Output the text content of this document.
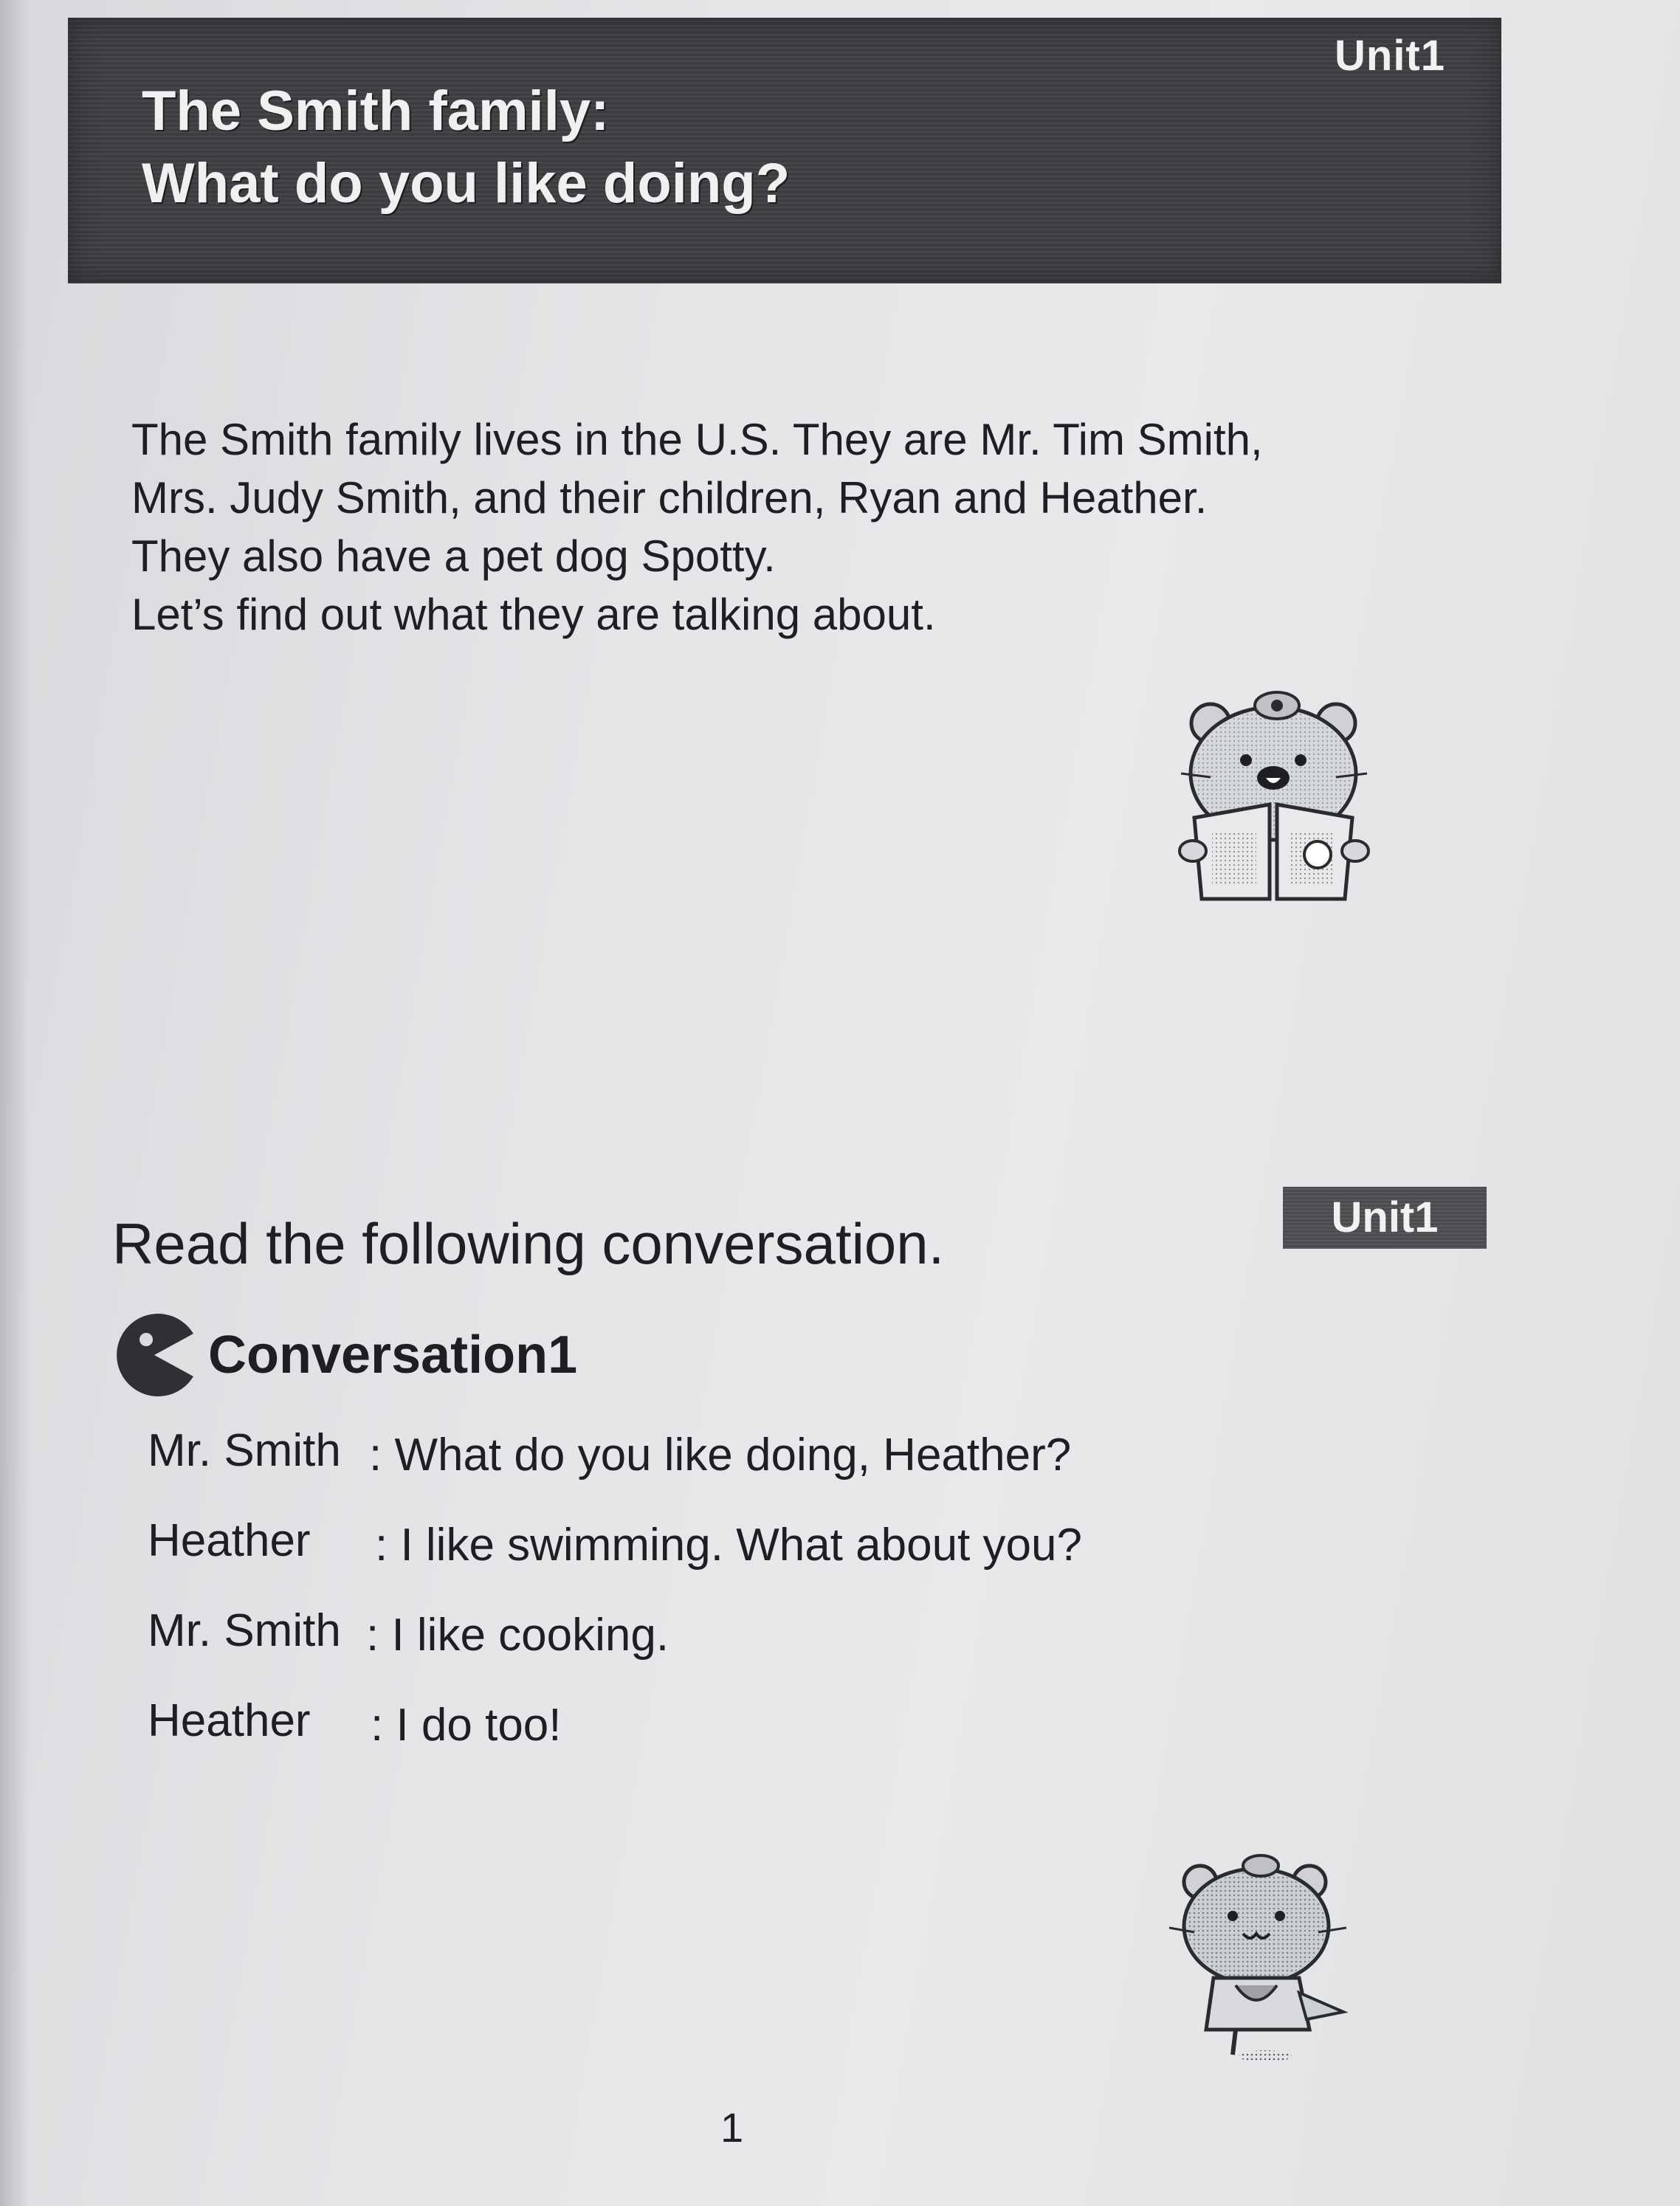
Unit1
The Smith family:
What do you like doing?
The Smith family lives in the U.S. They are Mr. Tim Smith,
Mrs. Judy Smith, and their children, Ryan and Heather.
They also have a pet dog Spotty.
Let’s find out what they are talking about.
Unit1
Read the following conversation.
Conversation1
Mr. Smith : What do you like doing, Heather?
Heather : I like swimming. What about you?
Mr. Smith : I like cooking.
Heather : I do too!
1
